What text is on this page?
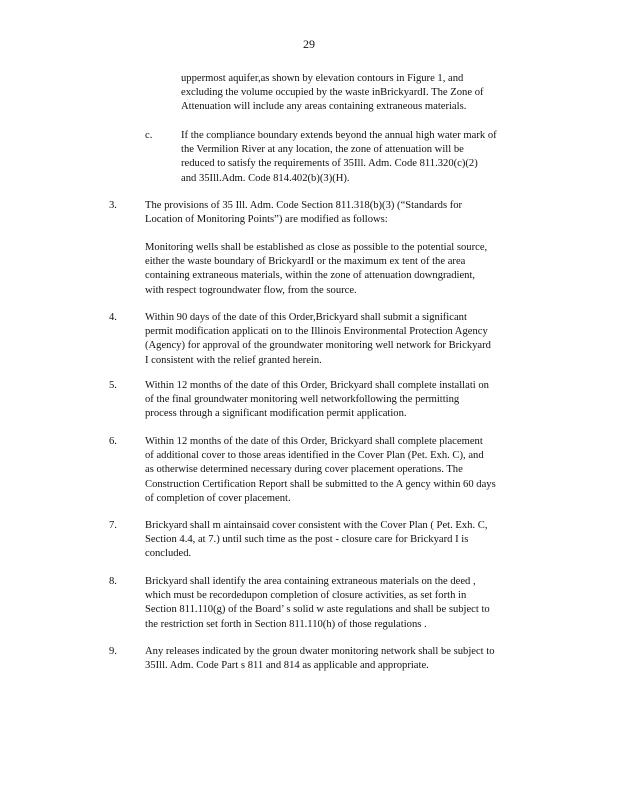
29
uppermost aquifer,as shown by elevation contours in Figure 1, and
excluding the volume occupied by the waste inBrickyardI. The Zone of
Attenuation will include any areas containing extraneous materials.
c.	If the compliance boundary extends beyond the annual high water mark of
the Vermilion River at any location, the zone of attenuation will be
reduced to satisfy the requirements of 35Ill. Adm. Code 811.320(c)(2)
and 35Ill.Adm. Code 814.402(b)(3)(H).
3.	The provisions of 35 Ill. Adm. Code Section 811.318(b)(3) (“Standards for
Location of Monitoring Points”) are modified as follows:
Monitoring wells shall be established as close as possible to the potential source,
either the waste boundary of BrickyardI or the maximum ex tent of the area
containing extraneous materials, within the zone of attenuation downgradient,
with respect togroundwater flow, from the source.
4.	Within 90 days of the date of this Order,Brickyard shall submit a significant
permit modification applicati on to the Illinois Environmental Protection Agency
(Agency) for approval of the groundwater monitoring well network for Brickyard
I consistent with the relief granted herein.
5.	Within 12 months of the date of this Order, Brickyard shall complete installati on
of the final groundwater monitoring well networkfollowing the permitting
process through a significant modification permit application.
6.	Within 12 months of the date of this Order, Brickyard shall complete placement
of additional cover to those areas identified in the Cover Plan (Pet. Exh. C), and
as otherwise determined necessary during cover placement operations. The
Construction Certification Report shall be submitted to the A gency within 60 days
of completion of cover placement.
7.	Brickyard shall m aintainsaid cover consistent with the Cover Plan ( Pet. Exh. C,
Section 4.4, at 7.) until such time as the post - closure care for Brickyard I is
concluded.
8.	Brickyard shall identify the area containing extraneous materials on the deed ,
which must be recordedupon completion of closure activities, as set forth in
Section 811.110(g) of the Board’ s solid w aste regulations and shall be subject to
the restriction set forth in Section 811.110(h) of those regulations .
9.	Any releases indicated by the groun dwater monitoring network shall be subject to
35Ill. Adm. Code Part s 811 and 814 as applicable and appropriate.
